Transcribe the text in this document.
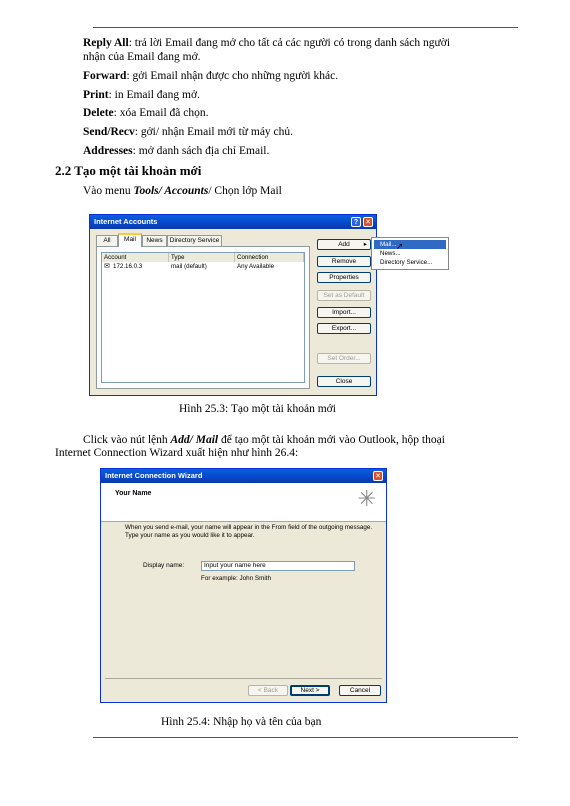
Reply All: trả lời Email đang mở cho tất cả các người có trong danh sách người
nhận của Email đang mở.
Forward: gởi Email nhận được cho những người khác.
Print: in Email đang mở.
Delete: xóa Email đã chọn.
Send/Recv: gởi/ nhận Email mới từ máy chủ.
Addresses: mở danh sách địa chỉ Email.
2.2 Tạo một tài khoản mới
Vào menu Tools/ Accounts/ Chọn lớp Mail
Internet Accounts	? ✕
All	Mail	News	Directory Service
Account	Type	Connection
✉ 172.16.0.3	mail (default)	Any Available
Add ▸
Remove
Properties
Set as Default
Import...
Export...
Set Order...
Close
Mail...
News...
Directory Service...
➚
Hình 25.3: Tạo một tài khoản mới
Click vào nút lệnh Add/ Mail để tạo một tài khoản mới vào Outlook, hộp thoại
Internet Connection Wizard xuất hiện như hình 26.4:
Internet Connection Wizard	✕
Your Name	✳
When you send e-mail, your name will appear in the From field of the outgoing message.
Type your name as you would like it to appear.
Display name:	Input your name here
For example: John Smith
< Back	Next >	Cancel
Hình 25.4: Nhập họ và tên của bạn
